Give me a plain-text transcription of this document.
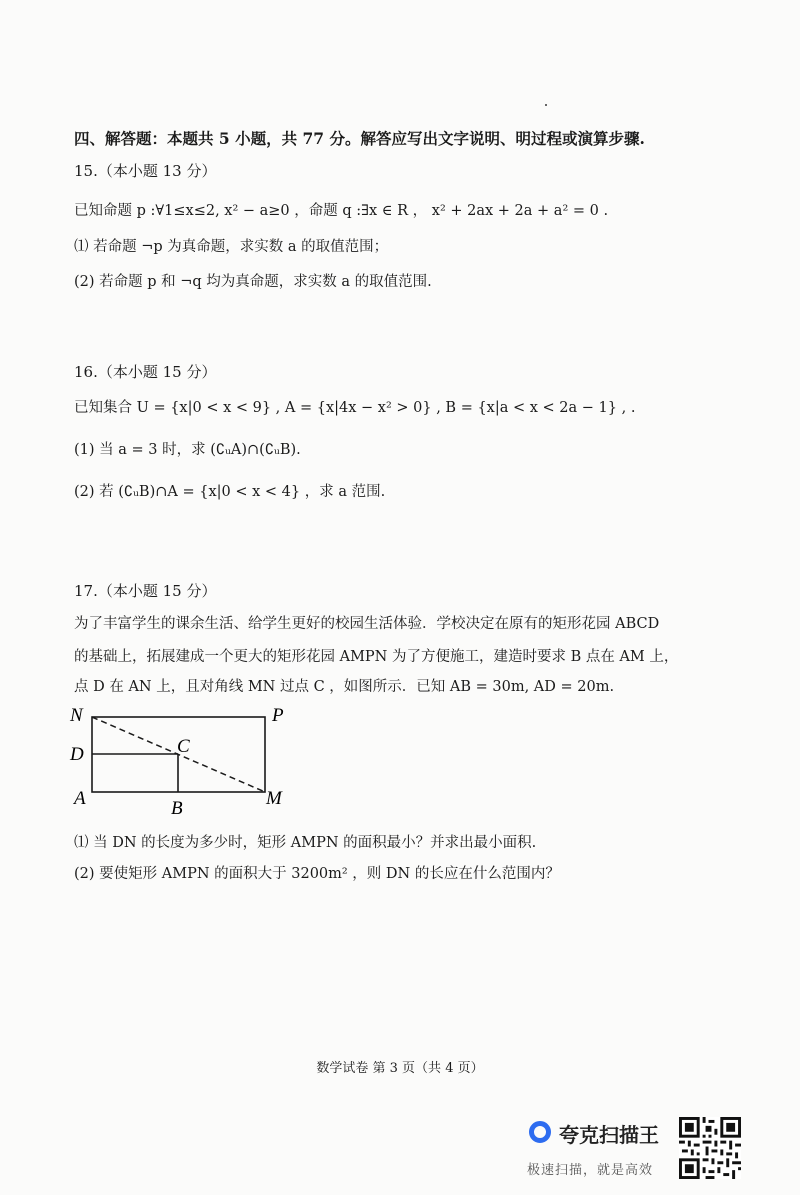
四、解答题：本题共 5 小题，共 77 分。解答应写出文字说明、明过程或演算步骤.
15.（本小题 13 分）
已知命题 p :∀1≤x≤2, x² − a≥0 ，命题 q :∃x ∈ R ， x² + 2ax + 2a + a² = 0 .
⑴ 若命题 ¬p 为真命题，求实数 a 的取值范围；
(2) 若命题 p 和 ¬q 均为真命题，求实数 a 的取值范围.
16.（本小题 15 分）
已知集合 U = {x|0 < x < 9} , A = {x|4x − x² > 0} , B = {x|a < x < 2a − 1} , .
(1) 当 a = 3 时，求 (∁ᵤA)∩(∁ᵤB).
(2) 若 (∁ᵤB)∩A = {x|0 < x < 4} ，求 a 范围.
17.（本小题 15 分）
为了丰富学生的课余生活、给学生更好的校园生活体验．学校决定在原有的矩形花园 ABCD
的基础上，拓展建成一个更大的矩形花园 AMPN 为了方便施工，建造时要求 B 点在 AM 上，
点 D 在 AN 上，且对角线 MN 过点 C ，如图所示．已知 AB = 30m, AD = 20m.
N	P
D	C
A	B	M
⑴ 当 DN 的长度为多少时，矩形 AMPN 的面积最小？并求出最小面积.
(2) 要使矩形 AMPN 的面积大于 3200m² ，则 DN 的长应在什么范围内？
数学试卷 第 3 页（共 4 页）
夸克扫描王
极速扫描，就是高效
